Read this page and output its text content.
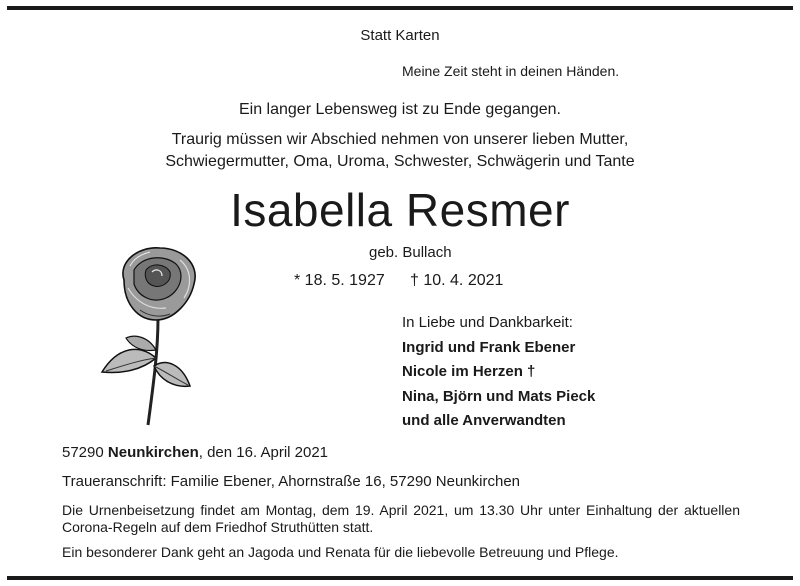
Statt Karten
Meine Zeit steht in deinen Händen.
Ein langer Lebensweg ist zu Ende gegangen.
Traurig müssen wir Abschied nehmen von unserer lieben Mutter,
Schwiegermutter, Oma, Uroma, Schwester, Schwägerin und Tante
Isabella Resmer
geb. Bullach
* 18. 5. 1927 † 10. 4. 2021
In Liebe und Dankbarkeit:
Ingrid und Frank Ebener
Nicole im Herzen †
Nina, Björn und Mats Pieck
und alle Anverwandten
57290 Neunkirchen, den 16. April 2021
Traueranschrift: Familie Ebener, Ahornstraße 16, 57290 Neunkirchen
Die Urnenbeisetzung findet am Montag, dem 19. April 2021, um 13.30 Uhr unter Einhaltung der aktuellen Corona-Regeln auf dem Friedhof Struthütten statt.
Ein besonderer Dank geht an Jagoda und Renata für die liebevolle Betreuung und Pflege.
